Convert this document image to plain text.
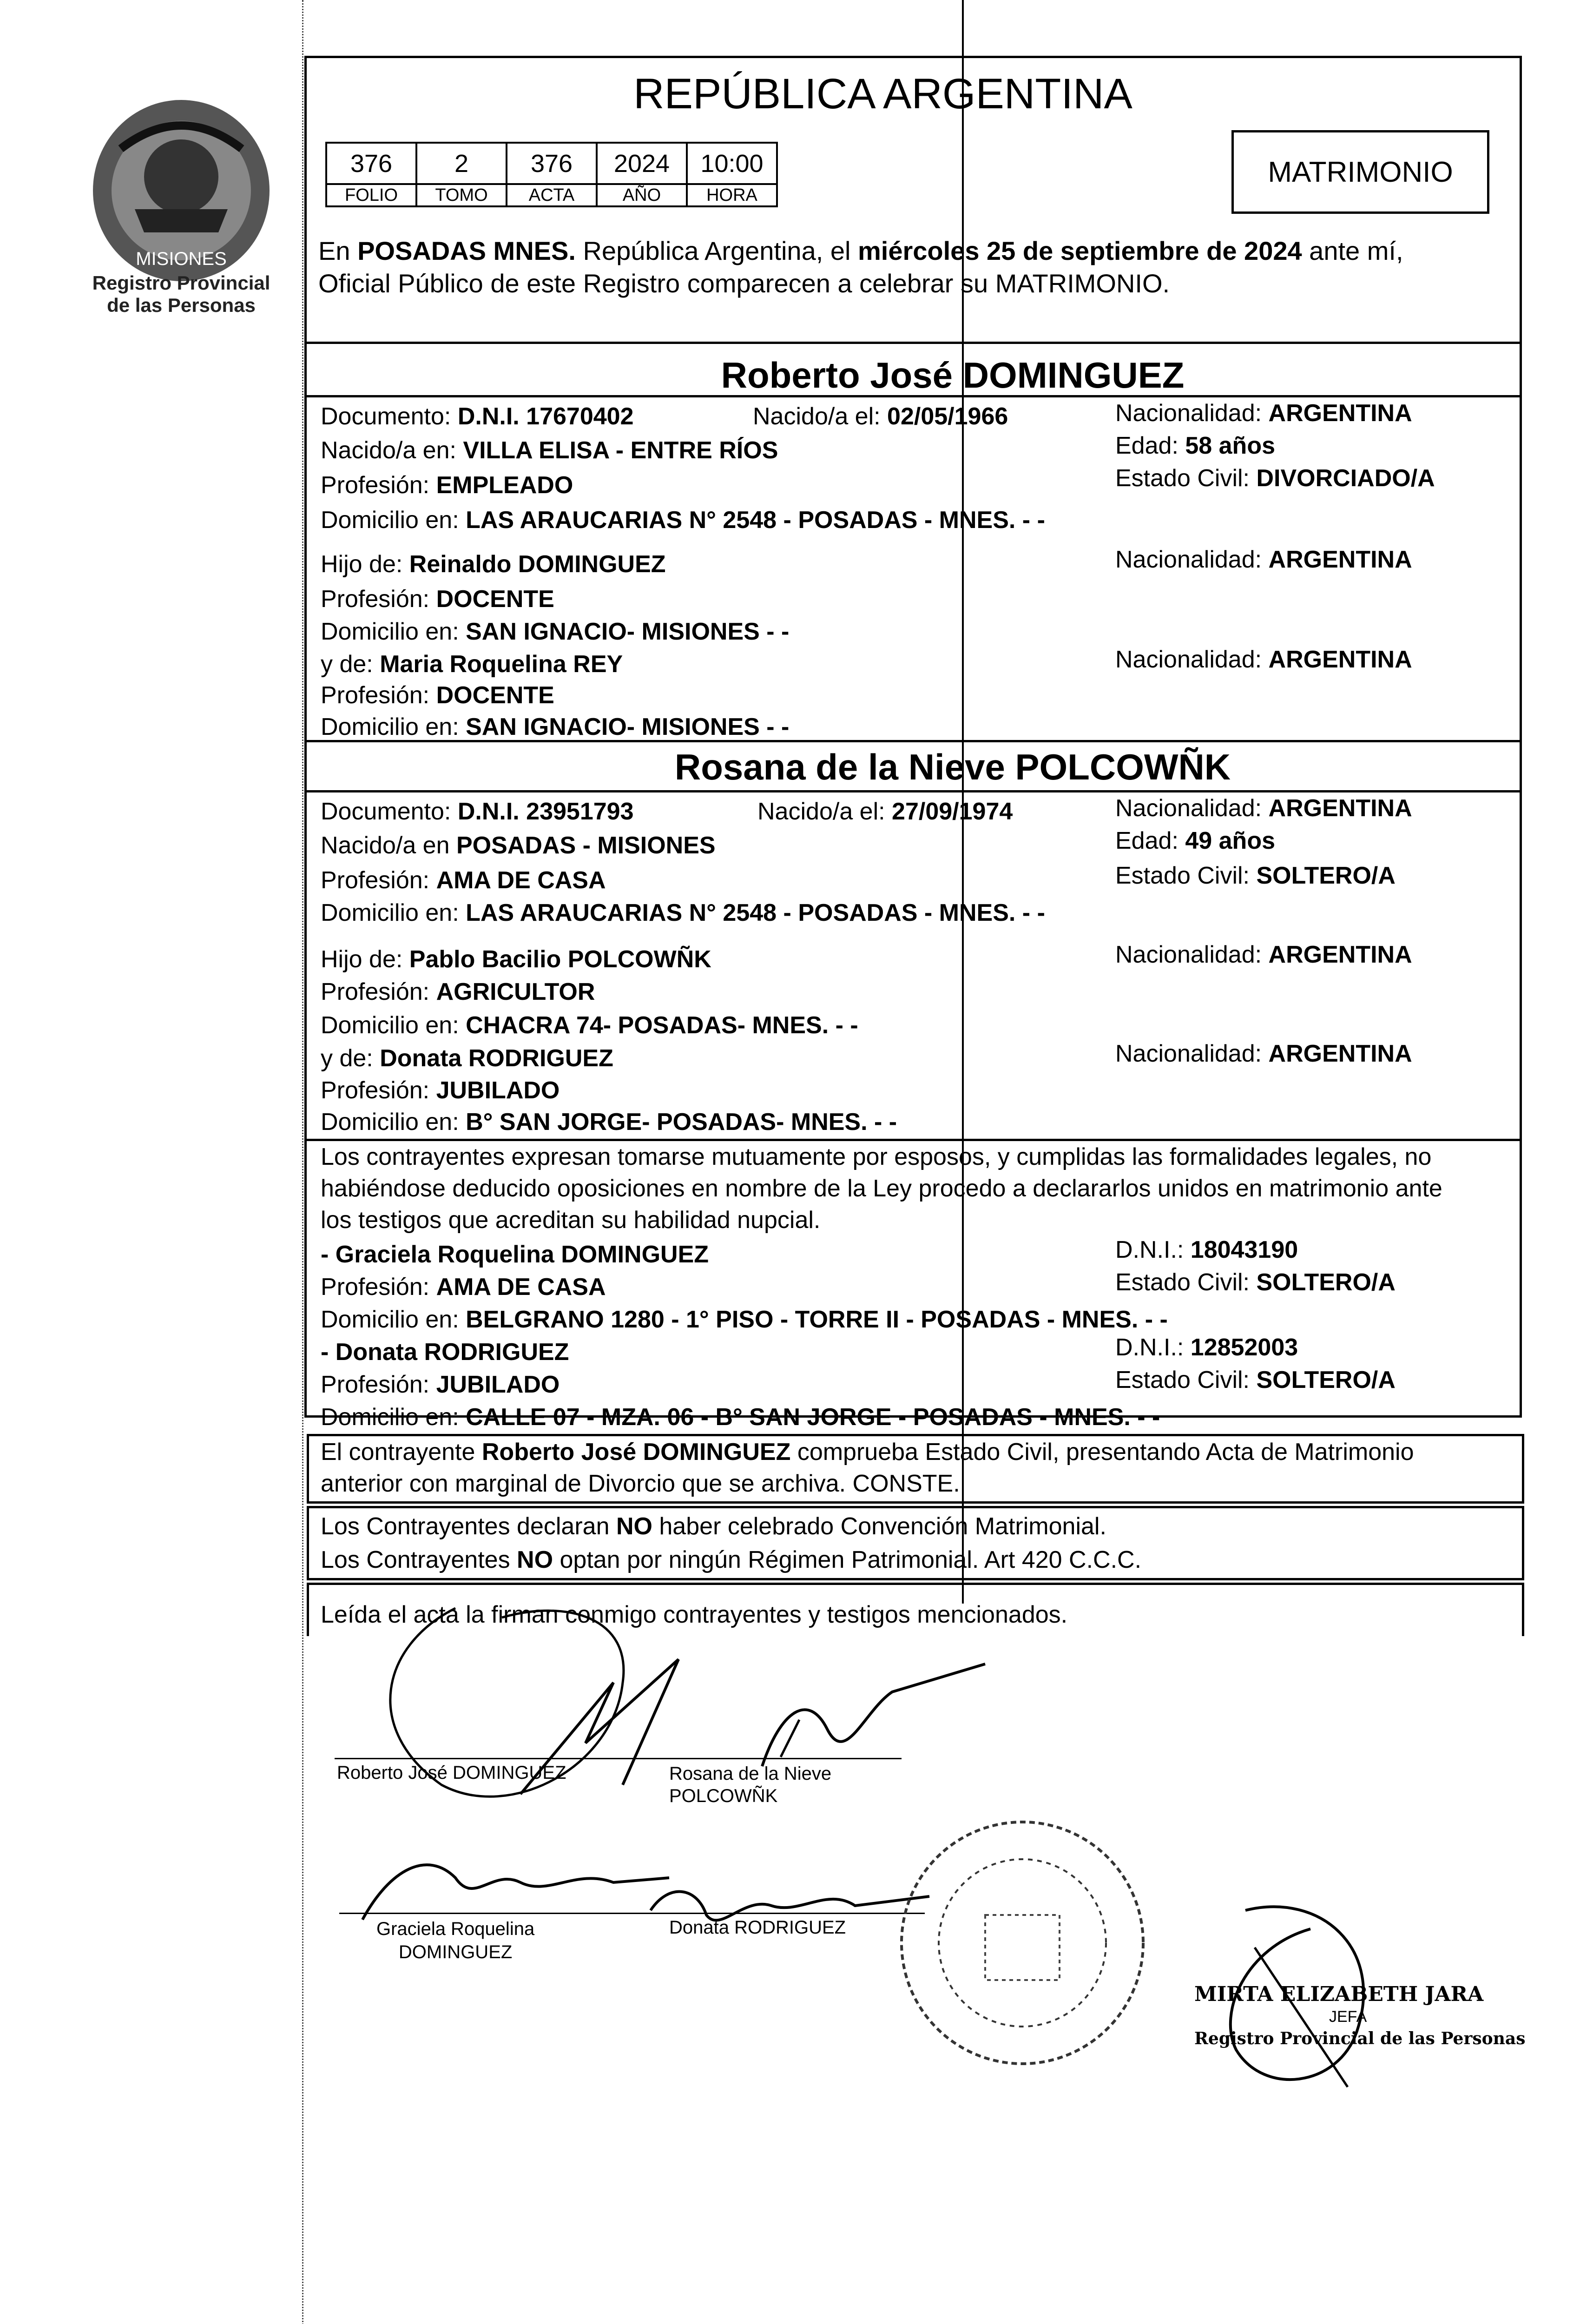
MISIONES
Registro Provincial
de las Personas
REPÚBLICA ARGENTINA
376	2	376	2024	10:00
FOLIO	TOMO	ACTA	AÑO	HORA
MATRIMONIO
En POSADAS MNES. República Argentina, el miércoles 25 de septiembre de 2024 ante mí,
Oficial Público de este Registro comparecen a celebrar su MATRIMONIO.
Roberto José DOMINGUEZ
Documento: D.N.I. 17670402	Nacido/a el: 02/05/1966	Nacionalidad: ARGENTINA
Nacido/a en: VILLA ELISA - ENTRE RÍOS	Edad: 58 años
Profesión: EMPLEADO	Estado Civil: DIVORCIADO/A
Domicilio en: LAS ARAUCARIAS N° 2548 - POSADAS - MNES. - -
Hijo de: Reinaldo DOMINGUEZ	Nacionalidad: ARGENTINA
Profesión: DOCENTE
Domicilio en: SAN IGNACIO- MISIONES - -
y de: Maria Roquelina REY	Nacionalidad: ARGENTINA
Profesión: DOCENTE
Domicilio en: SAN IGNACIO- MISIONES - -
Rosana de la Nieve POLCOWÑK
Documento: D.N.I. 23951793	Nacido/a el: 27/09/1974	Nacionalidad: ARGENTINA
Nacido/a en POSADAS - MISIONES	Edad: 49 años
Profesión: AMA DE CASA	Estado Civil: SOLTERO/A
Domicilio en: LAS ARAUCARIAS N° 2548 - POSADAS - MNES. - -
Hijo de: Pablo Bacilio POLCOWÑK	Nacionalidad: ARGENTINA
Profesión: AGRICULTOR
Domicilio en: CHACRA 74- POSADAS- MNES. - -
y de: Donata RODRIGUEZ	Nacionalidad: ARGENTINA
Profesión: JUBILADO
Domicilio en: B° SAN JORGE- POSADAS- MNES. - -
Los contrayentes expresan tomarse mutuamente por esposos, y cumplidas las formalidades legales, no
habiéndose deducido oposiciones en nombre de la Ley procedo a declararlos unidos en matrimonio ante
los testigos que acreditan su habilidad nupcial.
- Graciela Roquelina DOMINGUEZ	D.N.I.: 18043190
Profesión: AMA DE CASA	Estado Civil: SOLTERO/A
Domicilio en: BELGRANO 1280 - 1° PISO - TORRE II - POSADAS - MNES. - -
- Donata RODRIGUEZ	D.N.I.: 12852003
Profesión: JUBILADO	Estado Civil: SOLTERO/A
Domicilio en: CALLE 07 - MZA. 06 - B° SAN JORGE - POSADAS - MNES. - -
El contrayente Roberto José DOMINGUEZ comprueba Estado Civil, presentando Acta de Matrimonio
anterior con marginal de Divorcio que se archiva. CONSTE.
Los Contrayentes declaran NO haber celebrado Convención Matrimonial.
Los Contrayentes NO optan por ningún Régimen Patrimonial. Art 420 C.C.C.
Leída el acta la firman conmigo contrayentes y testigos mencionados.
Roberto José DOMINGUEZ	Rosana de la Nieve
POLCOWÑK
Graciela Roquelina
DOMINGUEZ
Donata RODRIGUEZ
MIRTA ELIZABETH JARA
JEFA
Registro Provincial de las Personas
